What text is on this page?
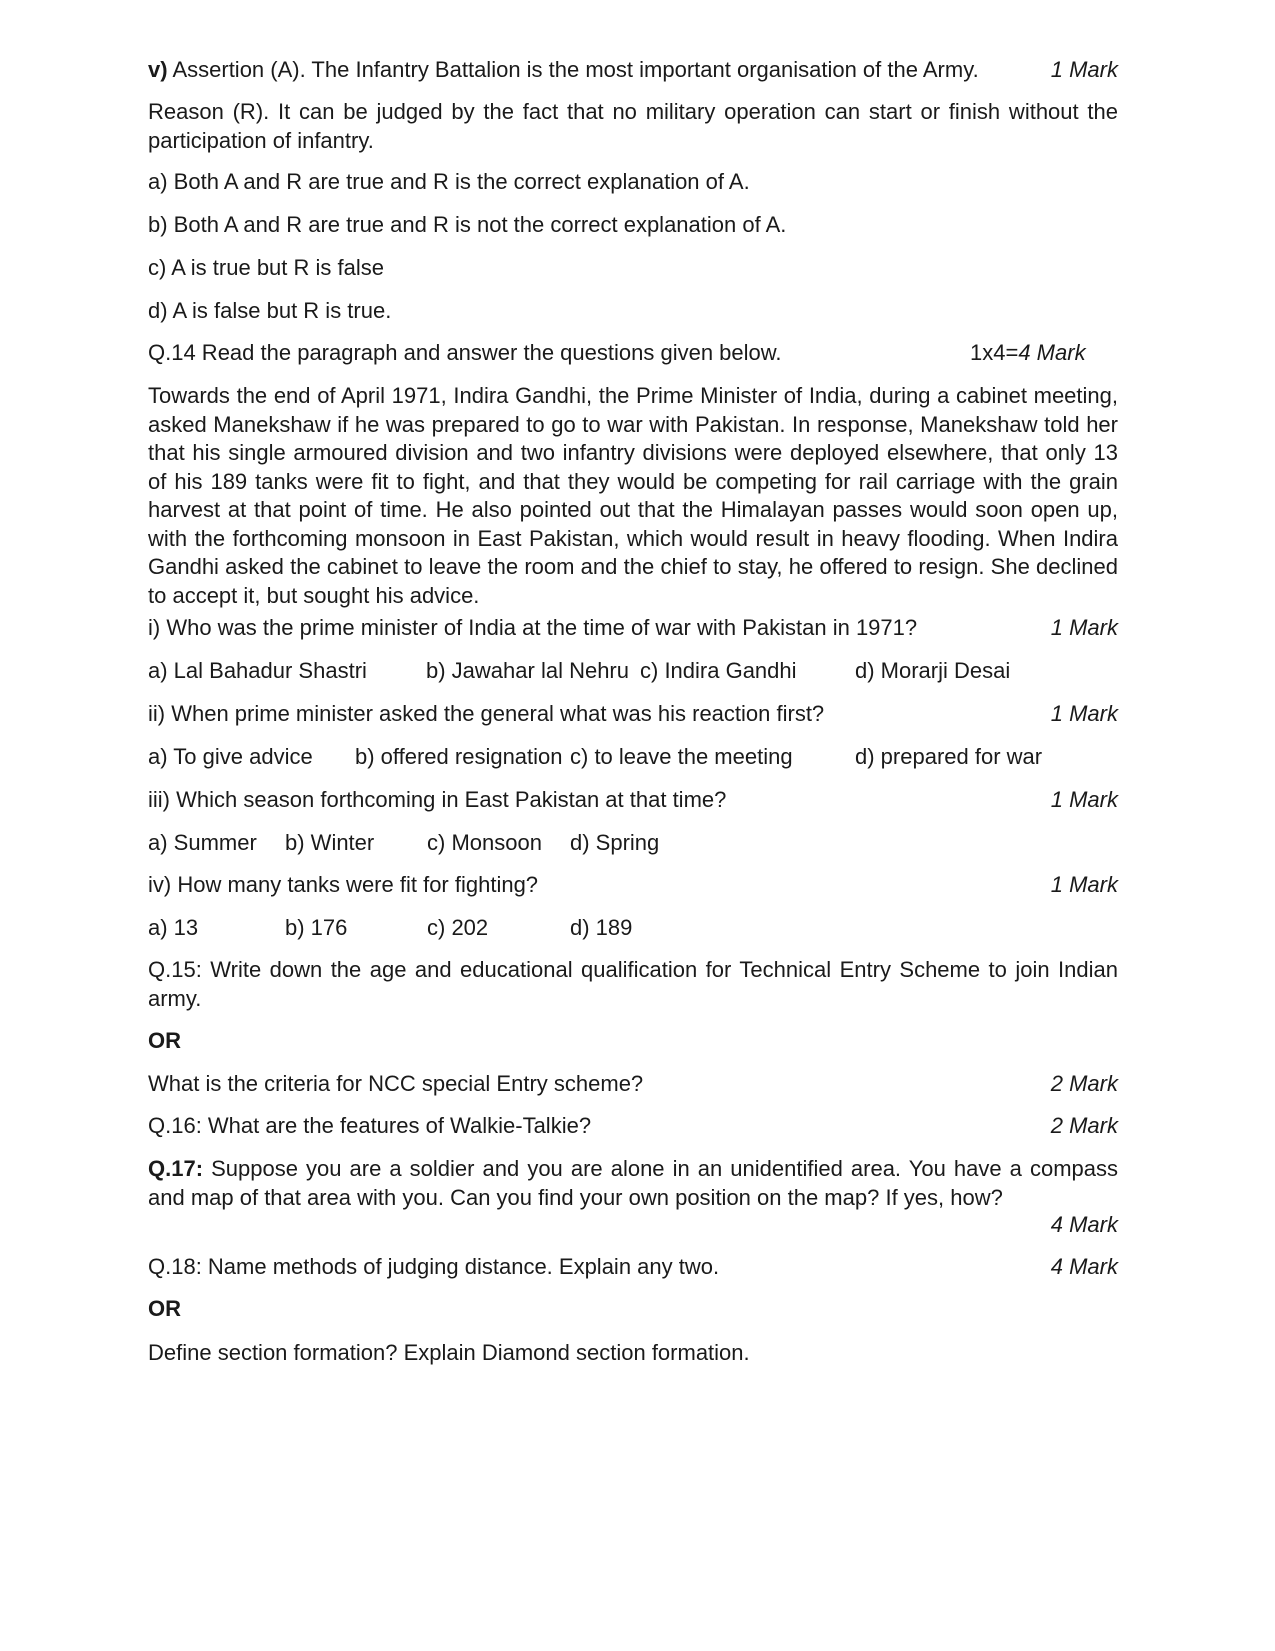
v) Assertion (A). The Infantry Battalion is the most important organisation of the Army.	1 Mark
Reason (R). It can be judged by the fact that no military operation can start or finish without the participation of infantry.
a) Both A and R are true and R is the correct explanation of A.
b) Both A and R are true and R is not the correct explanation of A.
c) A is true but R is false
d) A is false but R is true.
Q.14 Read the paragraph and answer the questions given below.	1x4=4 Mark
Towards the end of April 1971, Indira Gandhi, the Prime Minister of India, during a cabinet meeting, asked Manekshaw if he was prepared to go to war with Pakistan. In response, Manekshaw told her that his single armoured division and two infantry divisions were deployed elsewhere, that only 13 of his 189 tanks were fit to fight, and that they would be competing for rail carriage with the grain harvest at that point of time. He also pointed out that the Himalayan passes would soon open up, with the forthcoming monsoon in East Pakistan, which would result in heavy flooding. When Indira Gandhi asked the cabinet to leave the room and the chief to stay, he offered to resign. She declined to accept it, but sought his advice.
i) Who was the prime minister of India at the time of war with Pakistan in 1971?	1 Mark
a) Lal Bahadur Shastri	b) Jawahar lal Nehru c) Indira Gandhi	d) Morarji Desai
ii) When prime minister asked the general what was his reaction first?	1 Mark
a) To give advice b) offered resignation c) to leave the meeting	d) prepared for war
iii) Which season forthcoming in East Pakistan at that time?	1 Mark
a) Summer b) Winter c) Monsoon d) Spring
iv) How many tanks were fit for fighting?	1 Mark
a) 13	b) 176	c) 202	d) 189
Q.15: Write down the age and educational qualification for Technical Entry Scheme to join Indian army.
OR
What is the criteria for NCC special Entry scheme?	2 Mark
Q.16: What are the features of Walkie-Talkie?	2 Mark
Q.17: Suppose you are a soldier and you are alone in an unidentified area. You have a compass and map of that area with you. Can you find your own position on the map? If yes, how?
4 Mark
Q.18: Name methods of judging distance. Explain any two.	4 Mark
OR
Define section formation? Explain Diamond section formation.
